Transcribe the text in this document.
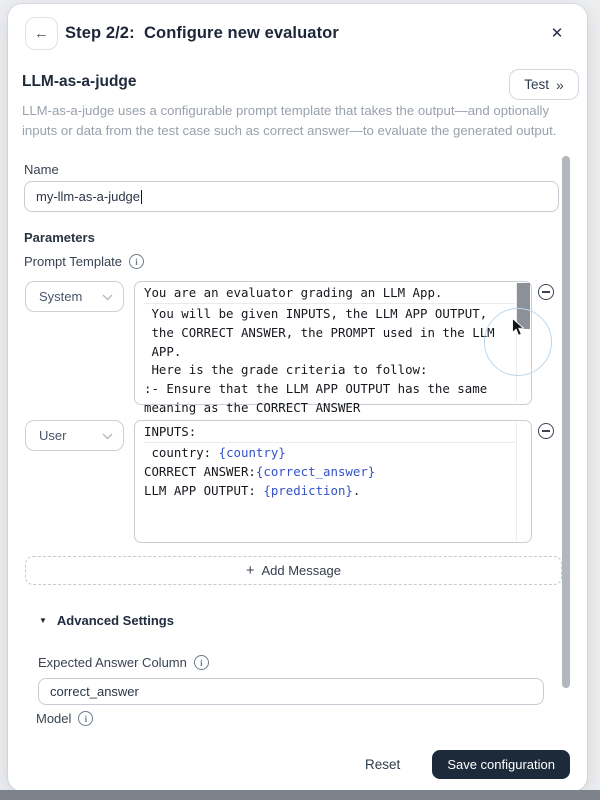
← Step 2/2:  Configure new evaluator	✕
LLM-as-a-judge	Test »
LLM-as-a-judge uses a configurable prompt template that takes the output—and optionally inputs or data from the test case such as correct answer—to evaluate the generated output.
Name
my-llm-as-a-judge
Parameters
Prompt Template	i
System	You are an evaluator grading an LLM App.
You will be given INPUTS, the LLM APP OUTPUT,
the CORRECT ANSWER, the PROMPT used in the LLM
APP.
Here is the grade criteria to follow:
:- Ensure that the LLM APP OUTPUT has the same
meaning as the CORRECT ANSWER
User	INPUTS:
country: {country}
CORRECT ANSWER:{correct_answer}
LLM APP OUTPUT: {prediction}.
+ Add Message
▼ Advanced Settings
Expected Answer Column	i
correct_answer
Model	i
Reset	Save configuration
